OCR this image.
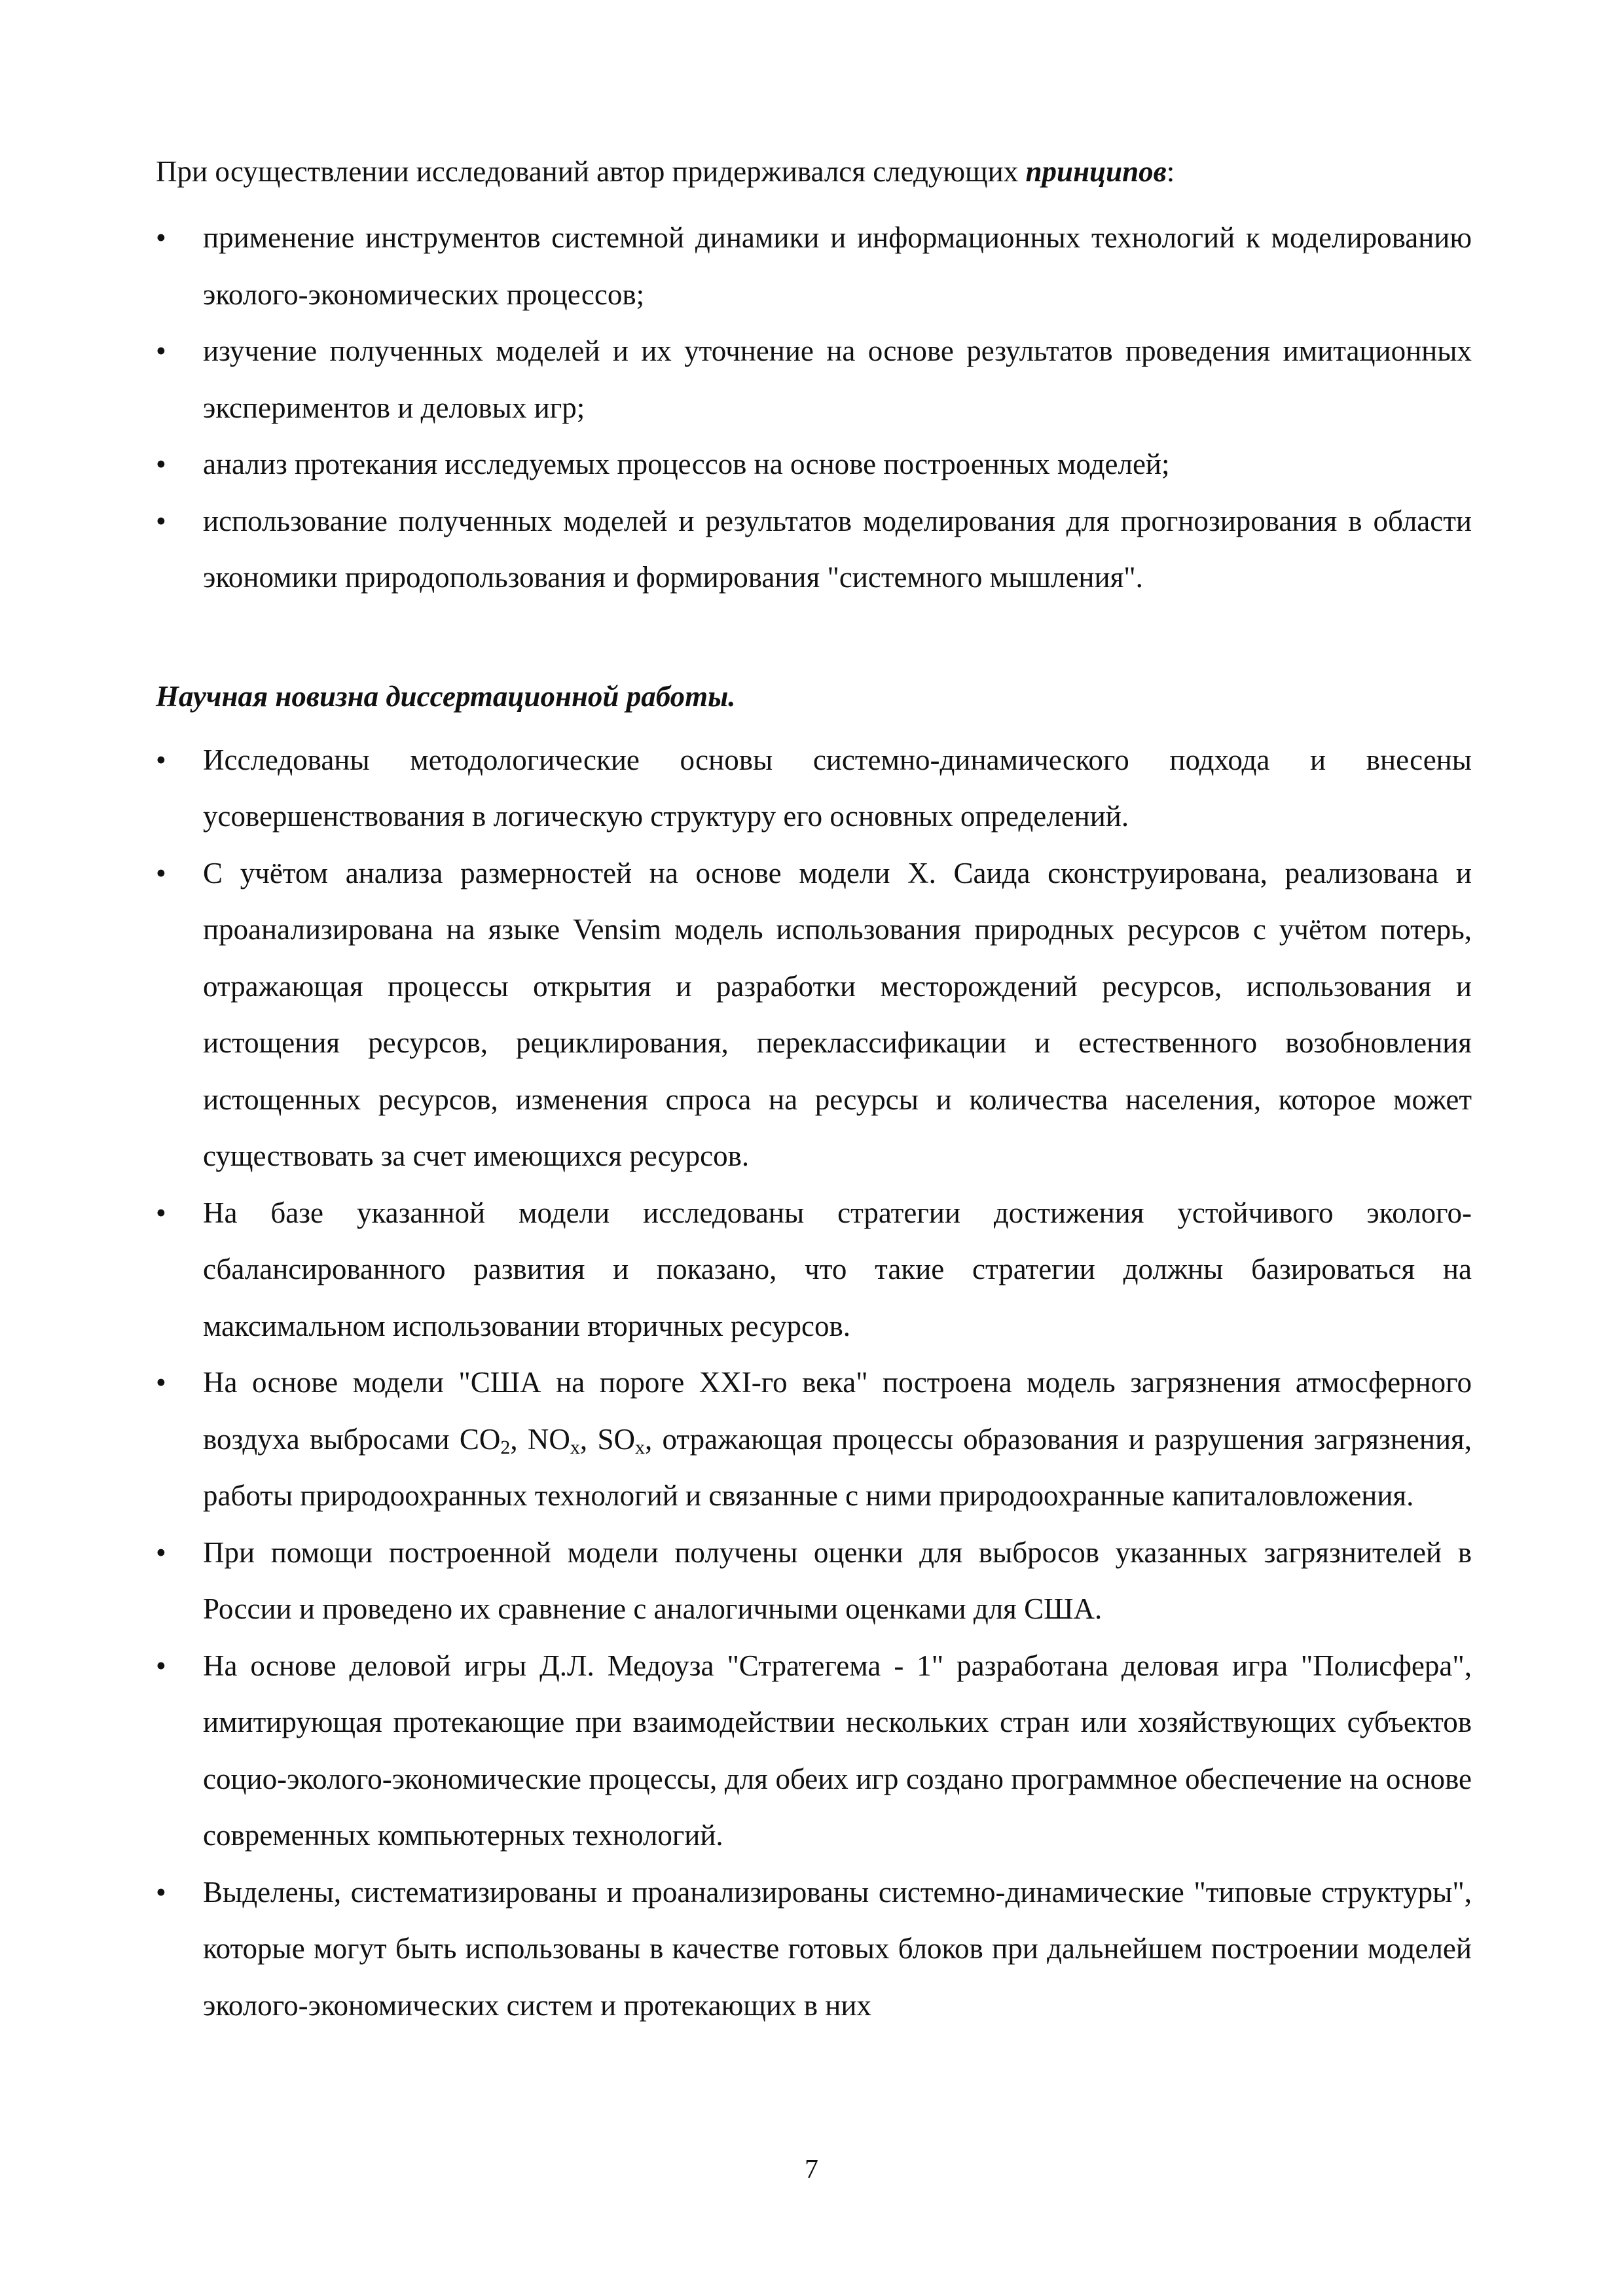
При осуществлении исследований автор придерживался следующих принципов:

•	применение инструментов системной динамики и информационных технологий к моделированию эколого-экономических процессов;
•	изучение полученных моделей и их уточнение на основе результатов проведения имитационных экспериментов и деловых игр;
•	анализ протекания исследуемых процессов на основе построенных моделей;
•	использование полученных моделей и результатов моделирования для прогнозирования в области экономики природопользования и формирования "системного мышления".

Научная новизна диссертационной работы.

•	Исследованы методологические основы системно-динамического подхода и внесены усовершенствования в логическую структуру его основных определений.
•	С учётом анализа размерностей на основе модели Х. Саида сконструирована, реализована и проанализирована на языке Vensim модель использования природных ресурсов с учётом потерь, отражающая процессы открытия и разработки месторождений ресурсов, использования и истощения ресурсов, рециклирования, переклассификации и естественного возобновления истощенных ресурсов, изменения спроса на ресурсы и количества населения, которое может существовать за счет имеющихся ресурсов.
•	На базе указанной модели исследованы стратегии достижения устойчивого эколого-сбалансированного развития и показано, что такие стратегии должны базироваться на максимальном использовании вторичных ресурсов.
•	На основе модели "США на пороге XXI-го века" построена модель загрязнения атмосферного воздуха выбросами $CO_2$, $NO_x$, $SO_x$, отражающая процессы образования и разрушения загрязнения, работы природоохранных технологий и связанные с ними природоохранные капиталовложения.
•	При помощи построенной модели получены оценки для выбросов указанных загрязнителей в России и проведено их сравнение с аналогичными оценками для США.
•	На основе деловой игры Д.Л. Медоуза "Стратегема - 1" разработана деловая игра "Полисфера", имитирующая протекающие при взаимодействии нескольких стран или хозяйствующих субъектов социо-эколого-экономические процессы, для обеих игр создано программное обеспечение на основе современных компьютерных технологий.
•	Выделены, систематизированы и проанализированы системно-динамические "типовые структуры", которые могут быть использованы в качестве готовых блоков при дальнейшем построении моделей эколого-экономических систем и протекающих в них
7
